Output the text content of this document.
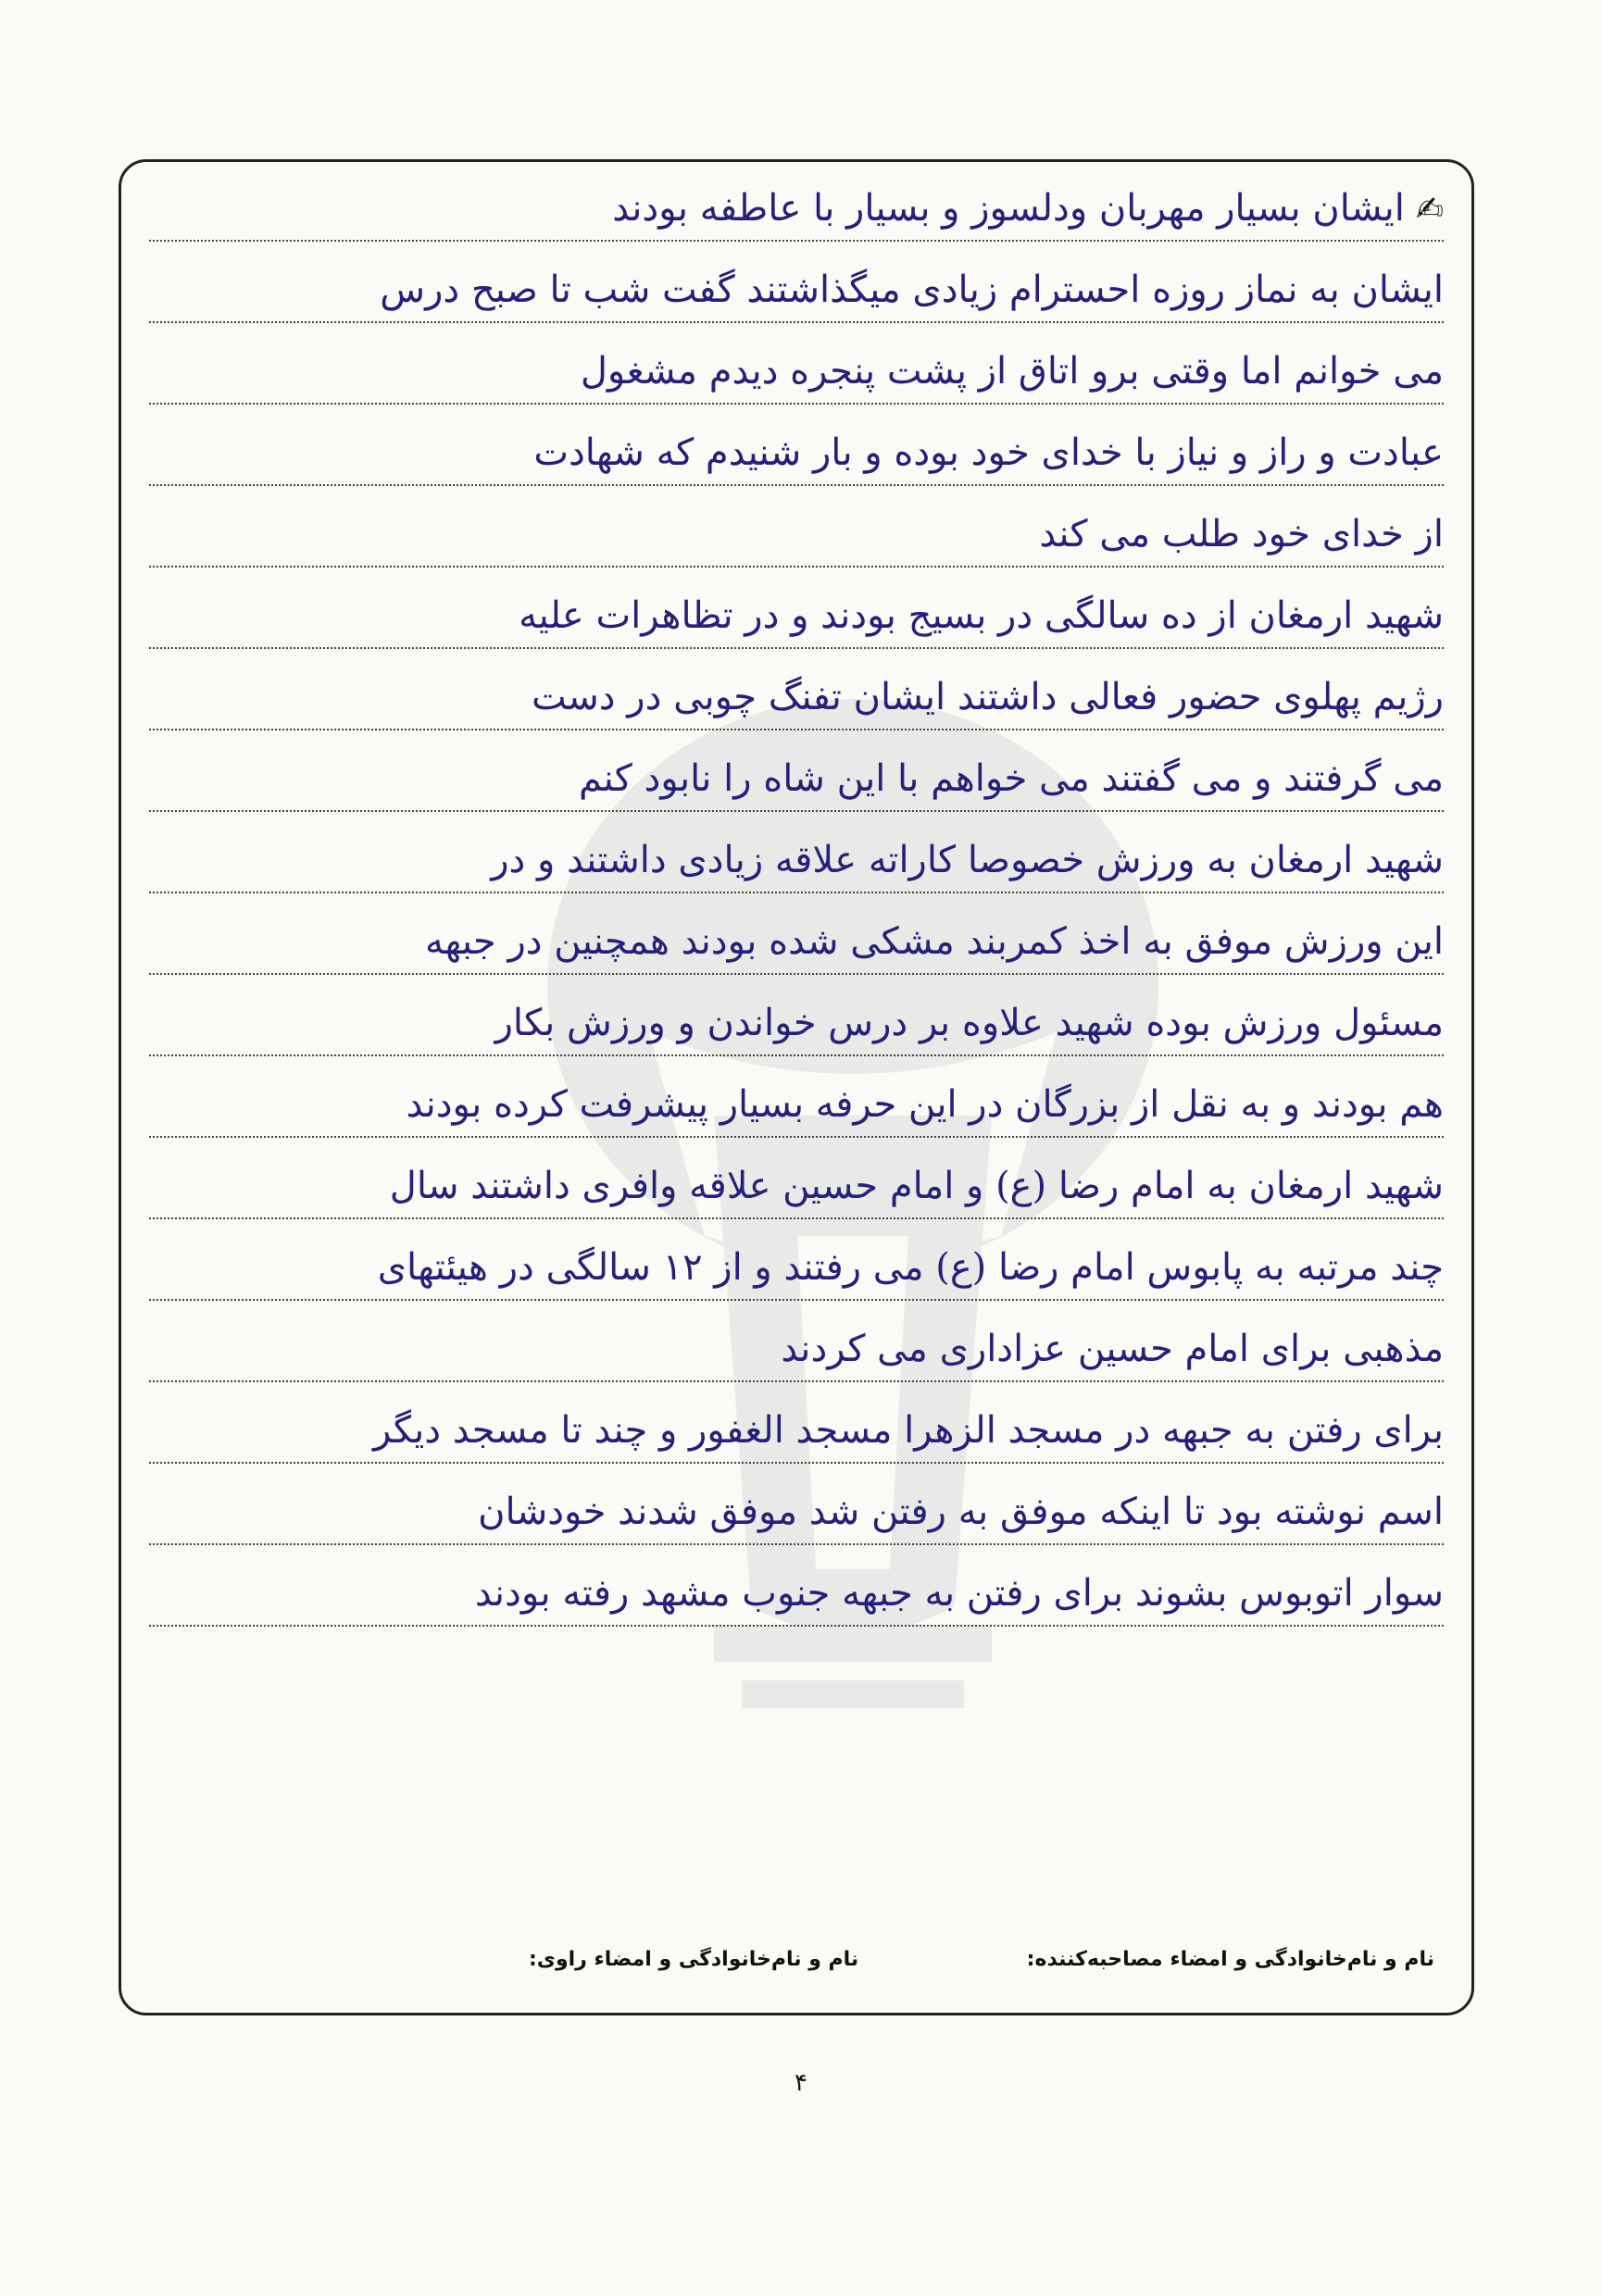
✍ایشان بسیار مهربان ودلسوز و بسیار با عاطفه بودند
ایشان به نماز روزه احسترام زیادی میگذاشتند گفت شب تا صبح درس
می خوانم اما وقتی برو اتاق از پشت پنجره دیدم مشغول
عبادت و راز و نیاز با خدای خود بوده و بار شنیدم که شهادت
از خدای خود طلب می کند
شهید ارمغان از ده سالگی در بسیج بودند و در تظاهرات علیه
رژیم پهلوی حضور فعالی داشتند ایشان تفنگ چوبی در دست
می گرفتند و می گفتند می خواهم با این شاه را نابود کنم
شهید ارمغان به ورزش خصوصا کاراته علاقه زیادی داشتند و در
این ورزش موفق به اخذ کمربند مشکی شده بودند همچنین در جبهه
مسئول ورزش بوده شهید علاوه بر درس خواندن و ورزش بکار
هم بودند و به نقل از بزرگان در این حرفه بسیار پیشرفت کرده بودند
شهید ارمغان به امام رضا (ع) و امام حسین علاقه وافری داشتند سال
چند مرتبه به پابوس امام رضا (ع) می رفتند و از ۱۲ سالگی در هیئتهای
مذهبی برای امام حسین عزاداری می کردند
برای رفتن به جبهه در مسجد الزهرا مسجد الغفور و چند تا مسجد دیگر
اسم نوشته بود تا اینکه موفق به رفتن شد موفق شدند خودشان
سوار اتوبوس بشوند برای رفتن به جبهه جنوب مشهد رفته بودند
نام و نام‌خانوادگی و امضاء مصاحبه‌کننده:
نام و نام‌خانوادگی و امضاء راوی:
۴
